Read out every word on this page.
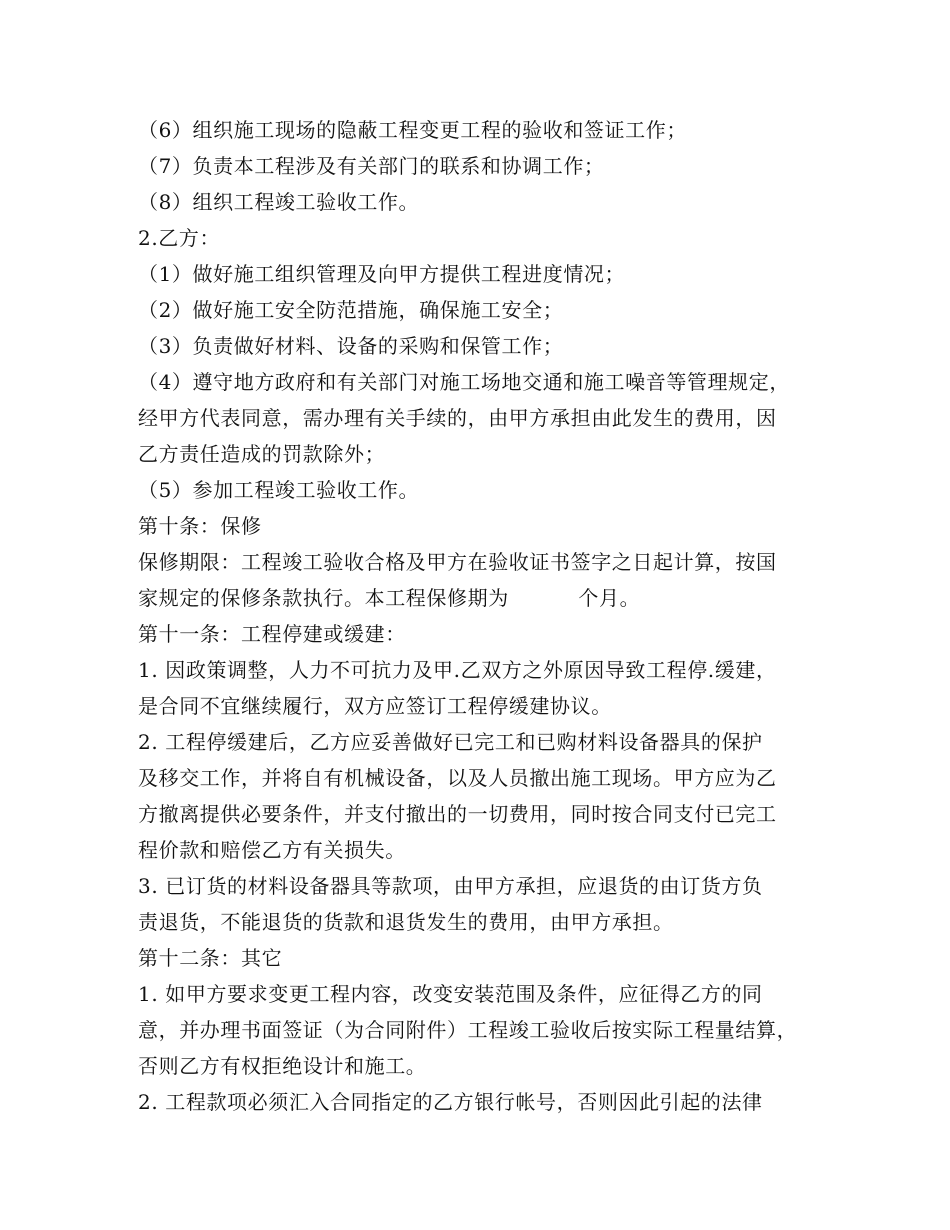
（6）组织施工现场的隐蔽工程变更工程的验收和签证工作；
（7）负责本工程涉及有关部门的联系和协调工作；
（8）组织工程竣工验收工作。
2.乙方：
（1）做好施工组织管理及向甲方提供工程进度情况；
（2）做好施工安全防范措施，确保施工安全；
（3）负责做好材料、设备的采购和保管工作；
（4）遵守地方政府和有关部门对施工场地交通和施工噪音等管理规定，
经甲方代表同意，需办理有关手续的，由甲方承担由此发生的费用，因
乙方责任造成的罚款除外；
（5）参加工程竣工验收工作。
第十条：保修
保修期限：工程竣工验收合格及甲方在验收证书签字之日起计算，按国
家规定的保修条款执行。本工程保修期为          个月。
第十一条：工程停建或缓建：
1. 因政策调整，人力不可抗力及甲.乙双方之外原因导致工程停.缓建，
是合同不宜继续履行，双方应签订工程停缓建协议。
2. 工程停缓建后，乙方应妥善做好已完工和已购材料设备器具的保护
及移交工作，并将自有机械设备，以及人员撤出施工现场。甲方应为乙
方撤离提供必要条件，并支付撤出的一切费用，同时按合同支付已完工
程价款和赔偿乙方有关损失。
3. 已订货的材料设备器具等款项，由甲方承担，应退货的由订货方负
责退货，不能退货的货款和退货发生的费用，由甲方承担。
第十二条：其它
1. 如甲方要求变更工程内容，改变安装范围及条件，应征得乙方的同
意，并办理书面签证（为合同附件）工程竣工验收后按实际工程量结算，
否则乙方有权拒绝设计和施工。
2. 工程款项必须汇入合同指定的乙方银行帐号，否则因此引起的法律
